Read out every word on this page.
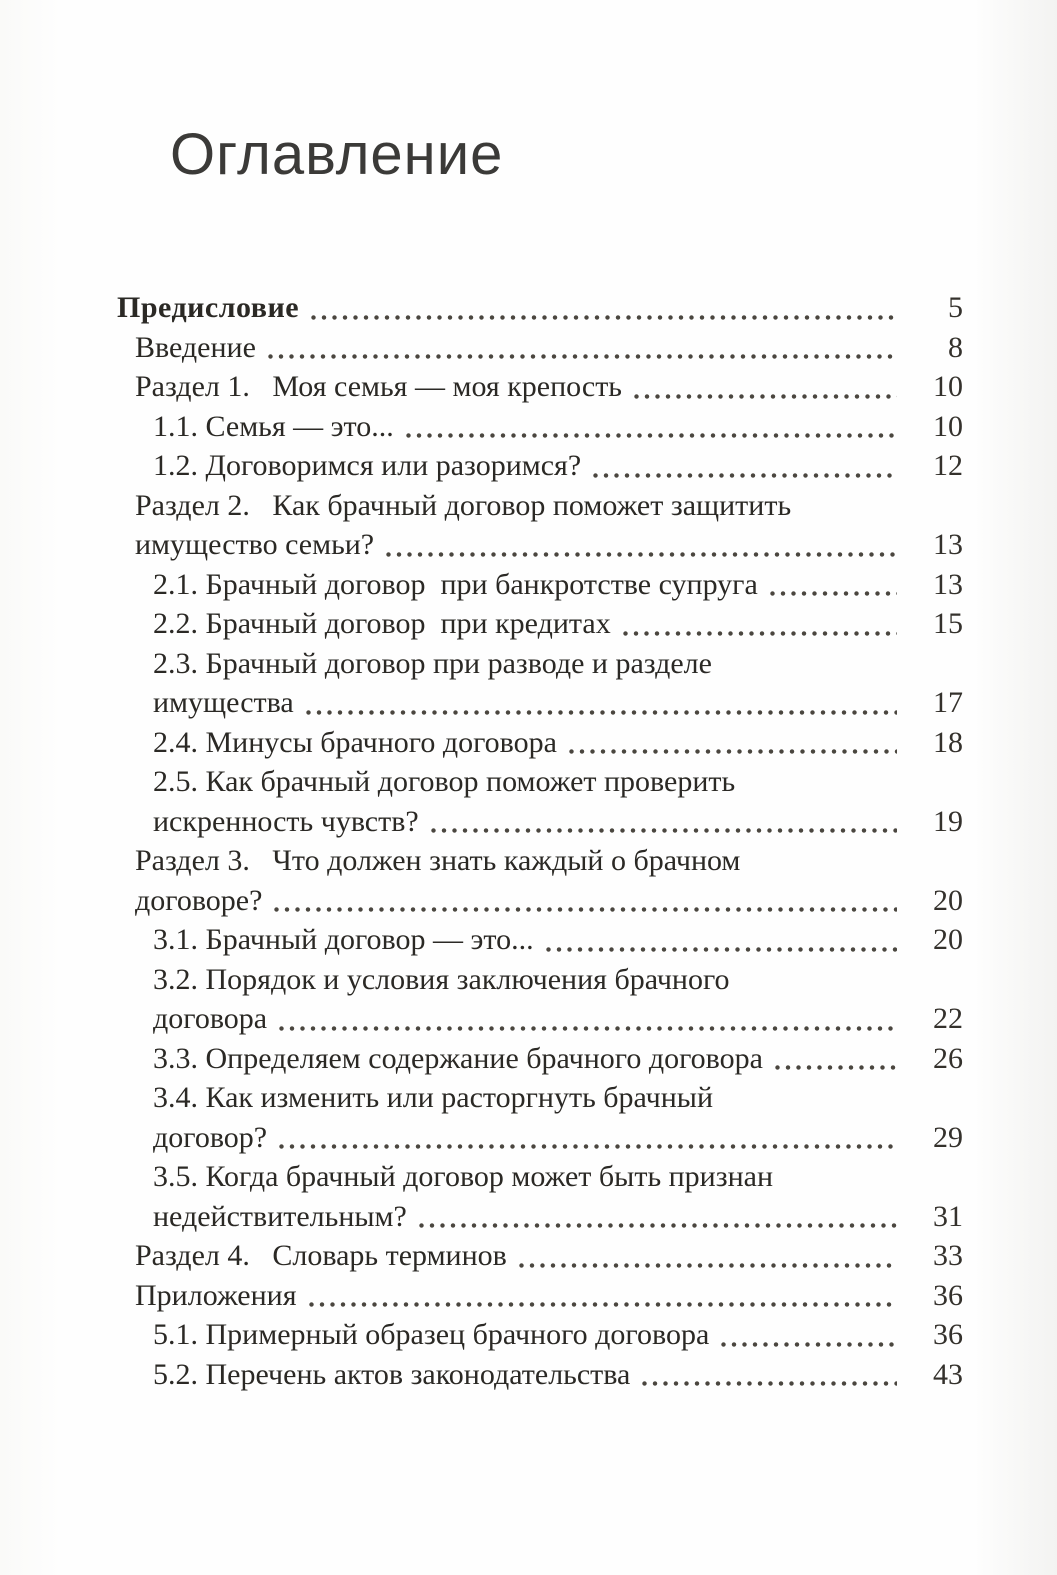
Оглавление
Предисловие	5
Введение	8
Раздел 1.   Моя семья — моя крепость	10
1.1. Семья — это...	10
1.2. Договоримся или разоримся?	12
Раздел 2.   Как брачный договор поможет защитить
имущество семьи?	13
2.1. Брачный договор  при банкротстве супруга	13
2.2. Брачный договор  при кредитах	15
2.3. Брачный договор при разводе и разделе
имущества	17
2.4. Минусы брачного договора	18
2.5. Как брачный договор поможет проверить
искренность чувств?	19
Раздел 3.   Что должен знать каждый о брачном
договоре?	20
3.1. Брачный договор — это...	20
3.2. Порядок и условия заключения брачного
договора	22
3.3. Определяем содержание брачного договора	26
3.4. Как изменить или расторгнуть брачный
договор?	29
3.5. Когда брачный договор может быть признан
недействительным?	31
Раздел 4.   Словарь терминов	33
Приложения	36
5.1. Примерный образец брачного договора	36
5.2. Перечень актов законодательства	43
